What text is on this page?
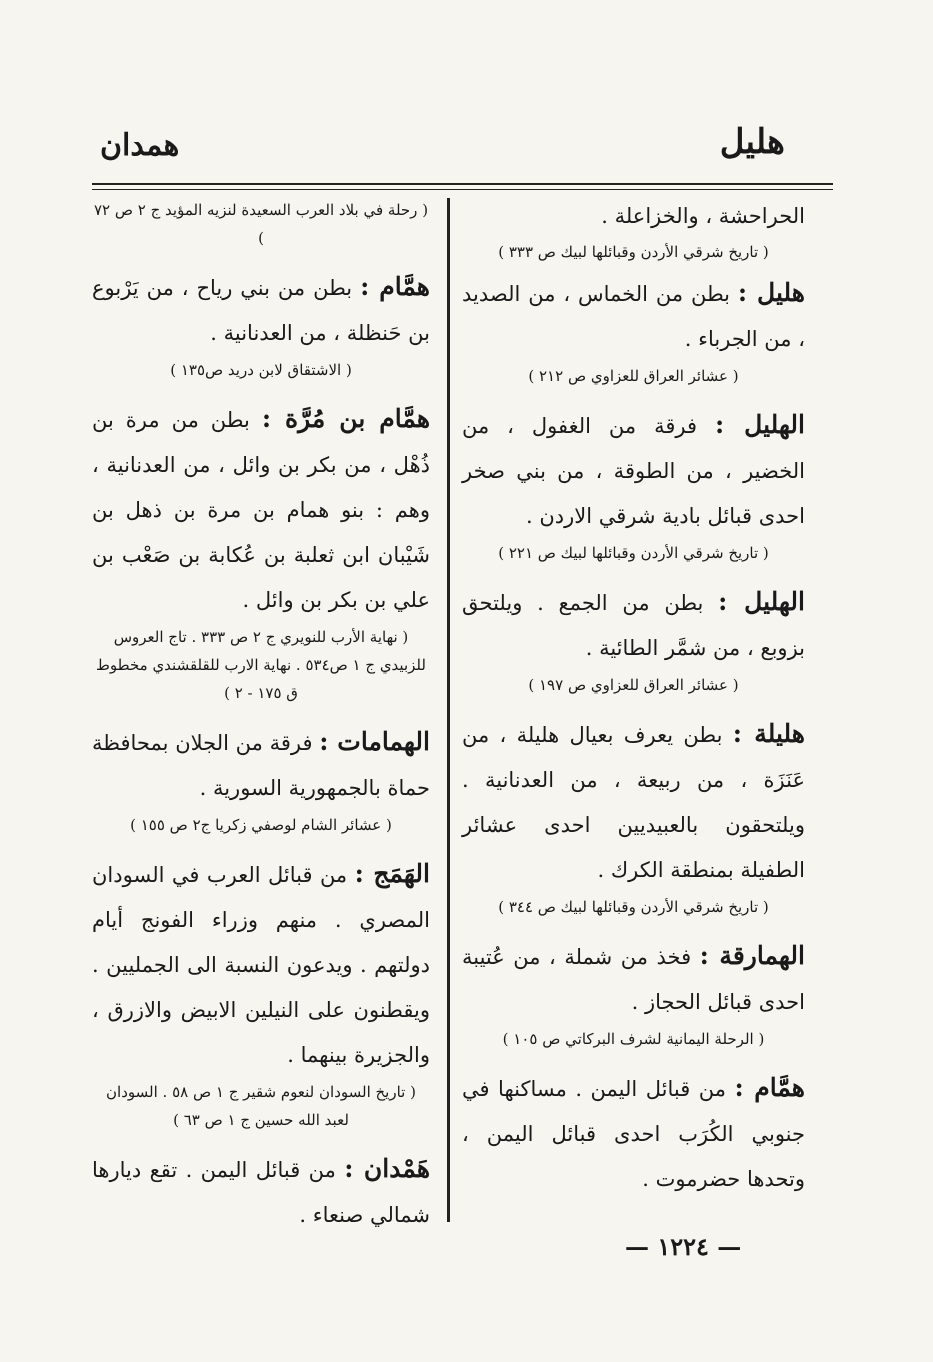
هليل
همدان

الحراحشة ، والخزاعلة .

( تاريخ شرقي الأردن وقبائلها لبيك ص ٣٣٣ )

هليل : بطن من الخماس ، من الصديد ، من الجرباء .

( عشائر العراق للعزاوي ص ٢١٢ )

الهليل : فرقة من الغفول ، من الخضير ، من الطوقة ، من بني صخر احدى قبائل بادية شرقي الاردن .

( تاريخ شرقي الأردن وقبائلها لبيك ص ٢٢١ )

الهليل : بطن من الجمع . ويلتحق بزوبع ، من شمَّر الطائية .

( عشائر العراق للعزاوي ص ١٩٧ )

هليلة : بطن يعرف بعيال هليلة ، من عَنَزَة ، من ربيعة ، من العدنانية . ويلتحقون بالعبيديين احدى عشائر الطفيلة بمنطقة الكرك .

( تاريخ شرقي الأردن وقبائلها لبيك ص ٣٤٤ )

الهمارقة : فخذ من شملة ، من عُتيبة احدى قبائل الحجاز .

( الرحلة اليمانية لشرف البركاتي ص ١٠٥ )

همَّام : من قبائل اليمن . مساكنها في جنوبي الكُرَب احدى قبائل اليمن ، وتحدها حضرموت .

( رحلة في بلاد العرب السعيدة لنزيه المؤيد ج ٢ ص ٧٢ )

همَّام : بطن من بني رياح ، من يَرْبوع بن حَنظلة ، من العدنانية .

( الاشتقاق لابن دريد ص١٣٥ )

همَّام بن مُرَّة : بطن من مرة بن ذُهْل ، من بكر بن وائل ، من العدنانية ، وهم : بنو همام بن مرة بن ذهل بن شَيْبان ابن ثعلبة بن عُكابة بن صَعْب بن علي بن بكر بن وائل .

( نهاية الأرب للنويري ج ٢ ص ٣٣٣ . تاج العروس للزبيدي ج ١ ص٥٣٤ . نهاية الارب للقلقشندي مخطوط ق ١٧٥ - ٢ )

الهمامات : فرقة من الجلان بمحافظة حماة بالجمهورية السورية .

( عشائر الشام لوصفي زكريا ج٢ ص ١٥٥ )

الهَمَج : من قبائل العرب في السودان المصري . منهم وزراء الفونج أيام دولتهم . ويدعون النسبة الى الجمليين . ويقطنون على النيلين الابيض والازرق ، والجزيرة بينهما .

( تاريخ السودان لنعوم شقير ج ١ ص ٥٨ . السودان لعبد الله حسين ج ١ ص ٦٣ )

هَمْدان : من قبائل اليمن . تقع ديارها شمالي صنعاء .

— ١٢٢٤ —
